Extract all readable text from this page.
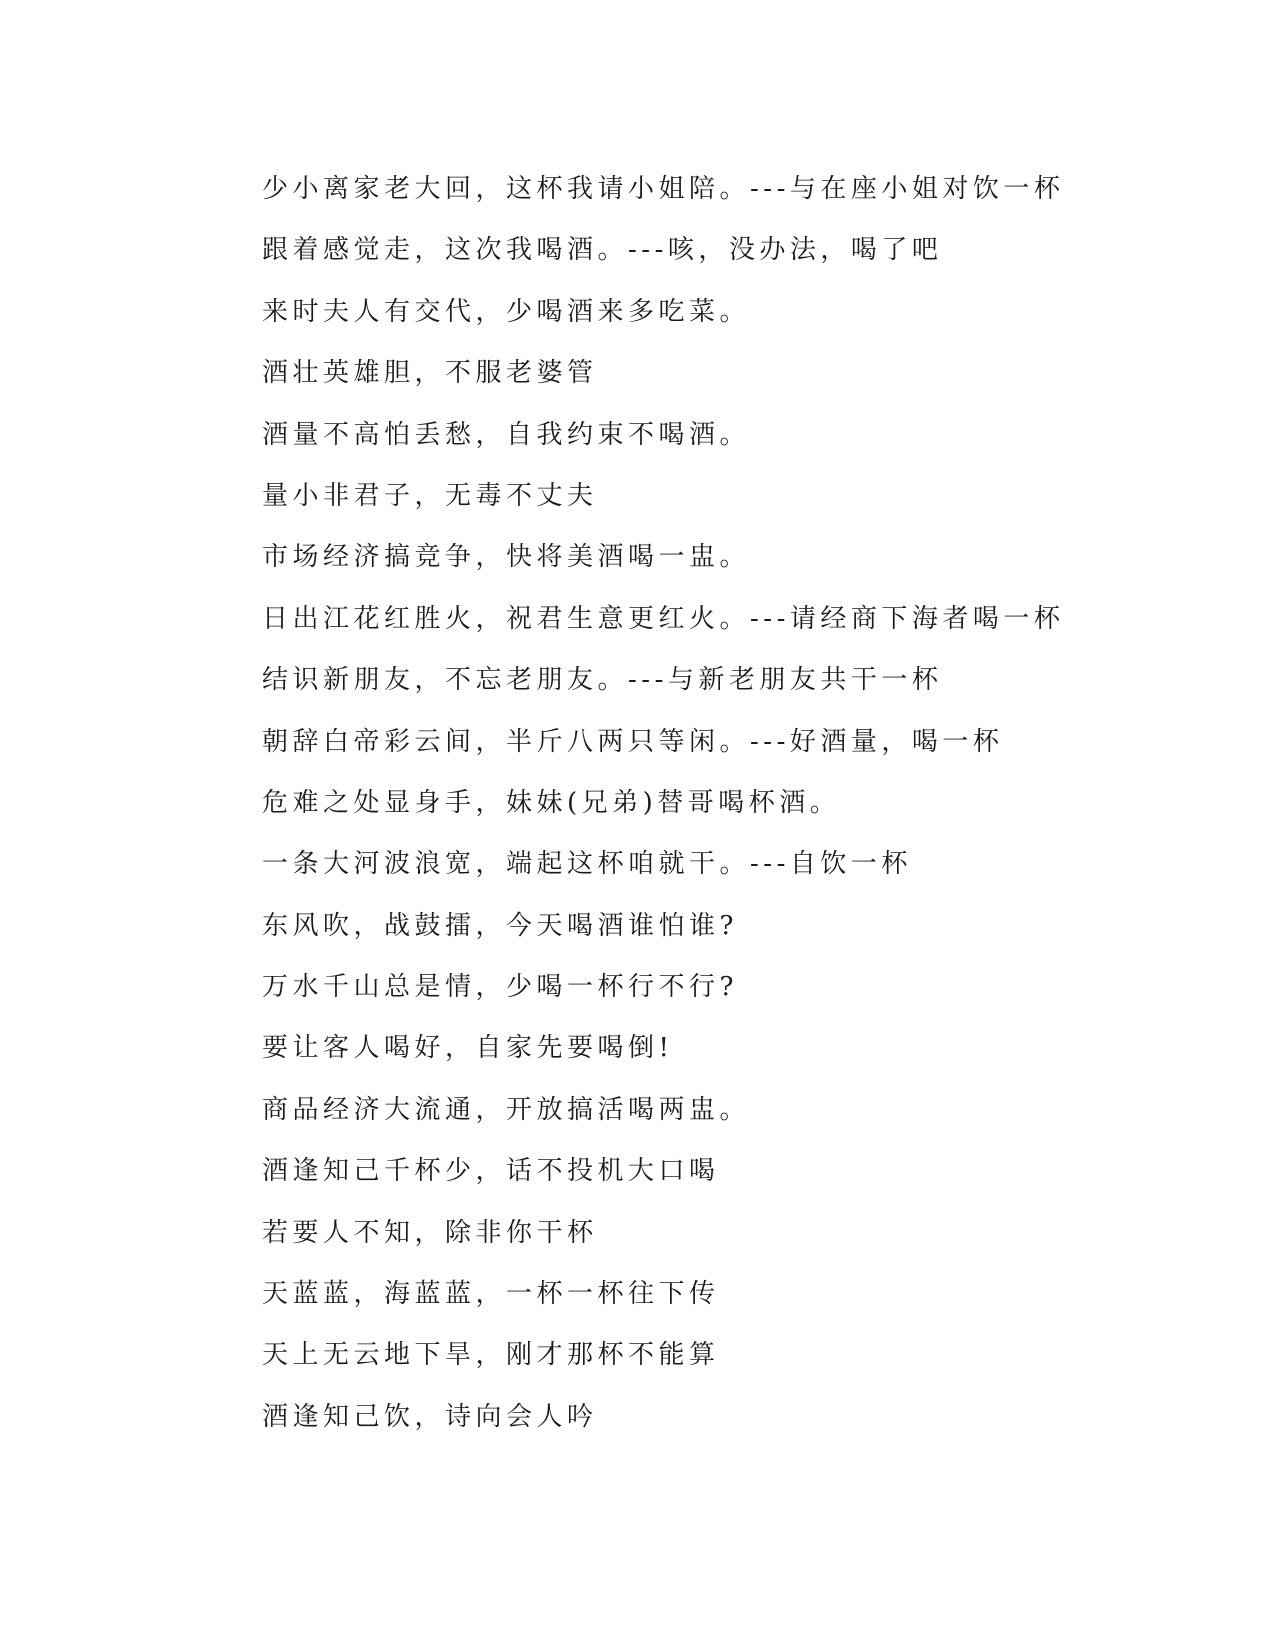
少小离家老大回，这杯我请小姐陪。---与在座小姐对饮一杯

跟着感觉走，这次我喝酒。---咳，没办法，喝了吧

来时夫人有交代，少喝酒来多吃菜。

酒壮英雄胆，不服老婆管

酒量不高怕丢愁，自我约束不喝酒。

量小非君子，无毒不丈夫

市场经济搞竞争，快将美酒喝一盅。

日出江花红胜火，祝君生意更红火。---请经商下海者喝一杯

结识新朋友，不忘老朋友。---与新老朋友共干一杯

朝辞白帝彩云间，半斤八两只等闲。---好酒量，喝一杯

危难之处显身手，妹妹(兄弟)替哥喝杯酒。

一条大河波浪宽，端起这杯咱就干。---自饮一杯

东风吹，战鼓擂，今天喝酒谁怕谁?

万水千山总是情，少喝一杯行不行?

要让客人喝好，自家先要喝倒!

商品经济大流通，开放搞活喝两盅。

酒逢知己千杯少，话不投机大口喝

若要人不知，除非你干杯

天蓝蓝，海蓝蓝，一杯一杯往下传

天上无云地下旱，刚才那杯不能算

酒逢知己饮，诗向会人吟
